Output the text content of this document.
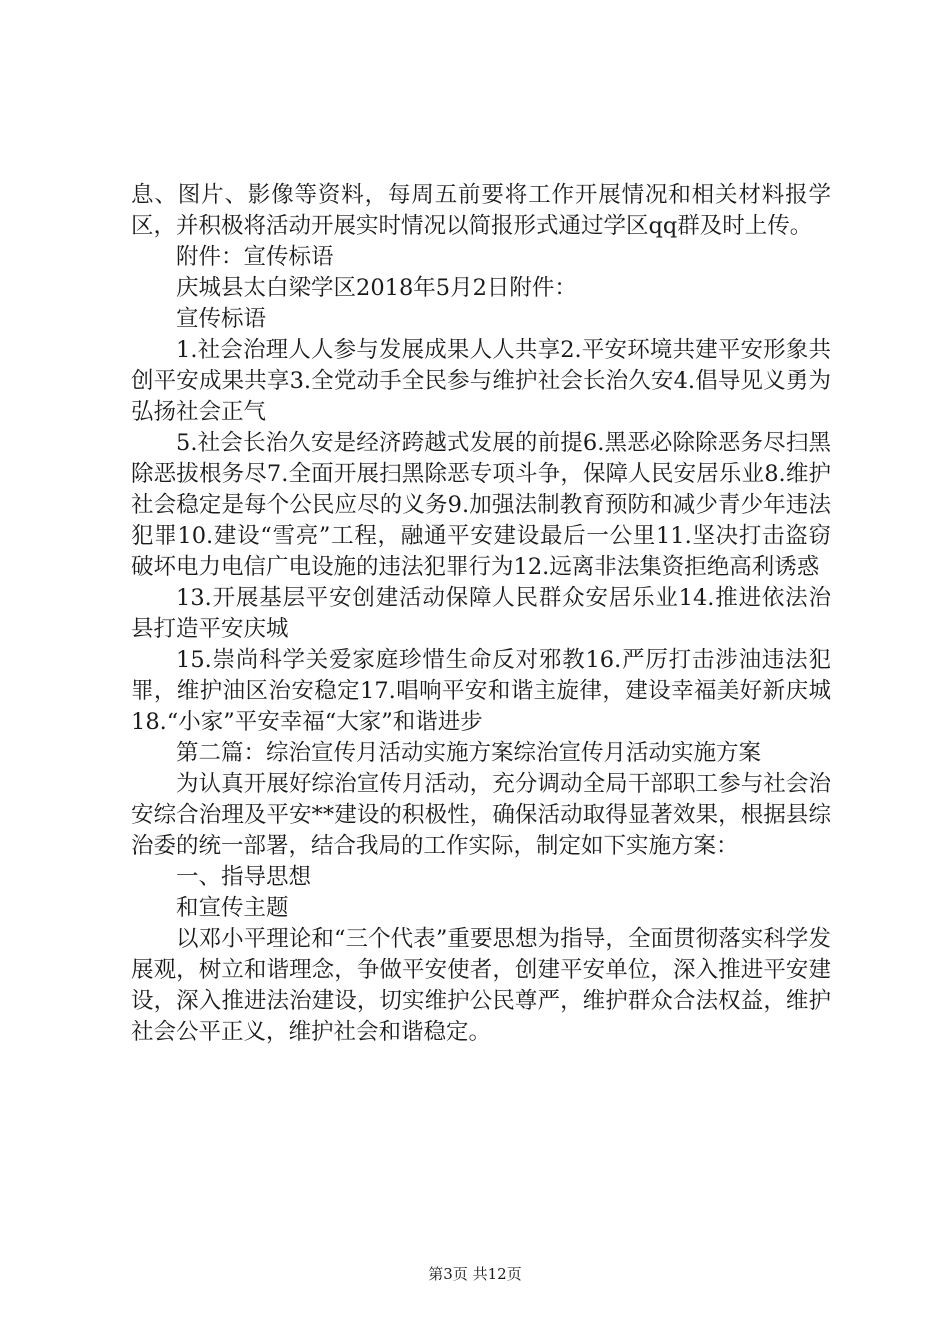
息、图片、影像等资料，每周五前要将工作开展情况和相关材料报学区，并积极将活动开展实时情况以简报形式通过学区qq群及时上传。

附件：宣传标语

庆城县太白梁学区2018年5月2日附件：

宣传标语

1.社会治理人人参与发展成果人人共享2.平安环境共建平安形象共创平安成果共享3.全党动手全民参与维护社会长治久安4.倡导见义勇为弘扬社会正气

5.社会长治久安是经济跨越式发展的前提6.黑恶必除除恶务尽扫黑除恶拔根务尽7.全面开展扫黑除恶专项斗争，保障人民安居乐业8.维护社会稳定是每个公民应尽的义务9.加强法制教育预防和减少青少年违法犯罪10.建设“雪亮”工程，融通平安建设最后一公里11.坚决打击盗窃破坏电力电信广电设施的违法犯罪行为12.远离非法集资拒绝高利诱惑

13.开展基层平安创建活动保障人民群众安居乐业14.推进依法治县打造平安庆城

15.崇尚科学关爱家庭珍惜生命反对邪教16.严厉打击涉油违法犯罪，维护油区治安稳定17.唱响平安和谐主旋律，建设幸福美好新庆城18.“小家”平安幸福“大家”和谐进步

第二篇：综治宣传月活动实施方案综治宣传月活动实施方案

为认真开展好综治宣传月活动，充分调动全局干部职工参与社会治安综合治理及平安**建设的积极性，确保活动取得显著效果，根据县综治委的统一部署，结合我局的工作实际，制定如下实施方案：

一、指导思想

和宣传主题

以邓小平理论和“三个代表”重要思想为指导，全面贯彻落实科学发展观，树立和谐理念，争做平安使者，创建平安单位，深入推进平安建设，深入推进法治建设，切实维护公民尊严，维护群众合法权益，维护社会公平正义，维护社会和谐稳定。

第3页 共12页
